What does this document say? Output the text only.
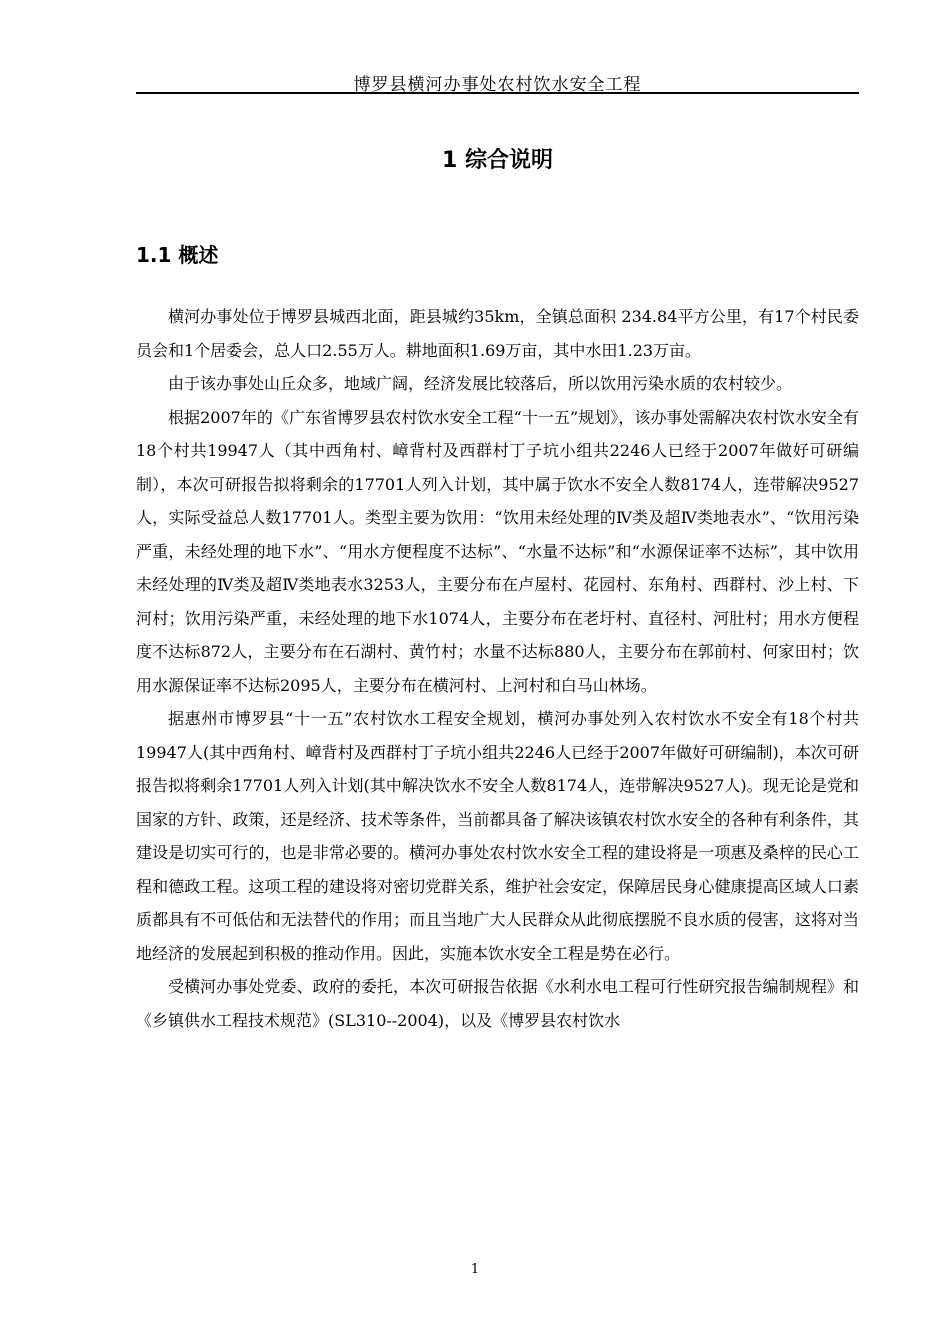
博罗县横河办事处农村饮水安全工程
1 综合说明
1.1 概述

横河办事处位于博罗县城西北面，距县城约35km，全镇总面积 234.84平方公里，有17个村民委员会和1个居委会，总人口2.55万人。耕地面积1.69万亩，其中水田1.23万亩。

由于该办事处山丘众多，地域广阔，经济发展比较落后，所以饮用污染水质的农村较少。

根据2007年的《广东省博罗县农村饮水安全工程“十一五”规划》，该办事处需解决农村饮水安全有18个村共19947人（其中西角村、嶂背村及西群村丁子坑小组共2246人已经于2007年做好可研编制），本次可研报告拟将剩余的17701人列入计划，其中属于饮水不安全人数8174人，连带解决9527人，实际受益总人数17701人。类型主要为饮用：“饮用未经处理的Ⅳ类及超Ⅳ类地表水”、“饮用污染严重，未经处理的地下水”、“用水方便程度不达标”、“水量不达标”和“水源保证率不达标”，其中饮用未经处理的Ⅳ类及超Ⅳ类地表水3253人，主要分布在卢屋村、花园村、东角村、西群村、沙上村、下河村；饮用污染严重，未经处理的地下水1074人，主要分布在老圩村、直径村、河肚村；用水方便程度不达标872人，主要分布在石湖村、黄竹村；水量不达标880人，主要分布在郭前村、何家田村；饮用水源保证率不达标2095人，主要分布在横河村、上河村和白马山林场。

据惠州市博罗县“十一五”农村饮水工程安全规划，横河办事处列入农村饮水不安全有18个村共19947人(其中西角村、嶂背村及西群村丁子坑小组共2246人已经于2007年做好可研编制)，本次可研报告拟将剩余17701人列入计划(其中解决饮水不安全人数8174人，连带解决9527人)。现无论是党和国家的方针、政策，还是经济、技术等条件，当前都具备了解决该镇农村饮水安全的各种有利条件，其建设是切实可行的，也是非常必要的。横河办事处农村饮水安全工程的建设将是一项惠及桑梓的民心工程和德政工程。这项工程的建设将对密切党群关系，维护社会安定，保障居民身心健康提高区域人口素质都具有不可低估和无法替代的作用；而且当地广大人民群众从此彻底摆脱不良水质的侵害，这将对当地经济的发展起到积极的推动作用。因此，实施本饮水安全工程是势在必行。

受横河办事处党委、政府的委托，本次可研报告依据《水利水电工程可行性研究报告编制规程》和《乡镇供水工程技术规范》(SL310--2004)，以及《博罗县农村饮水

1
